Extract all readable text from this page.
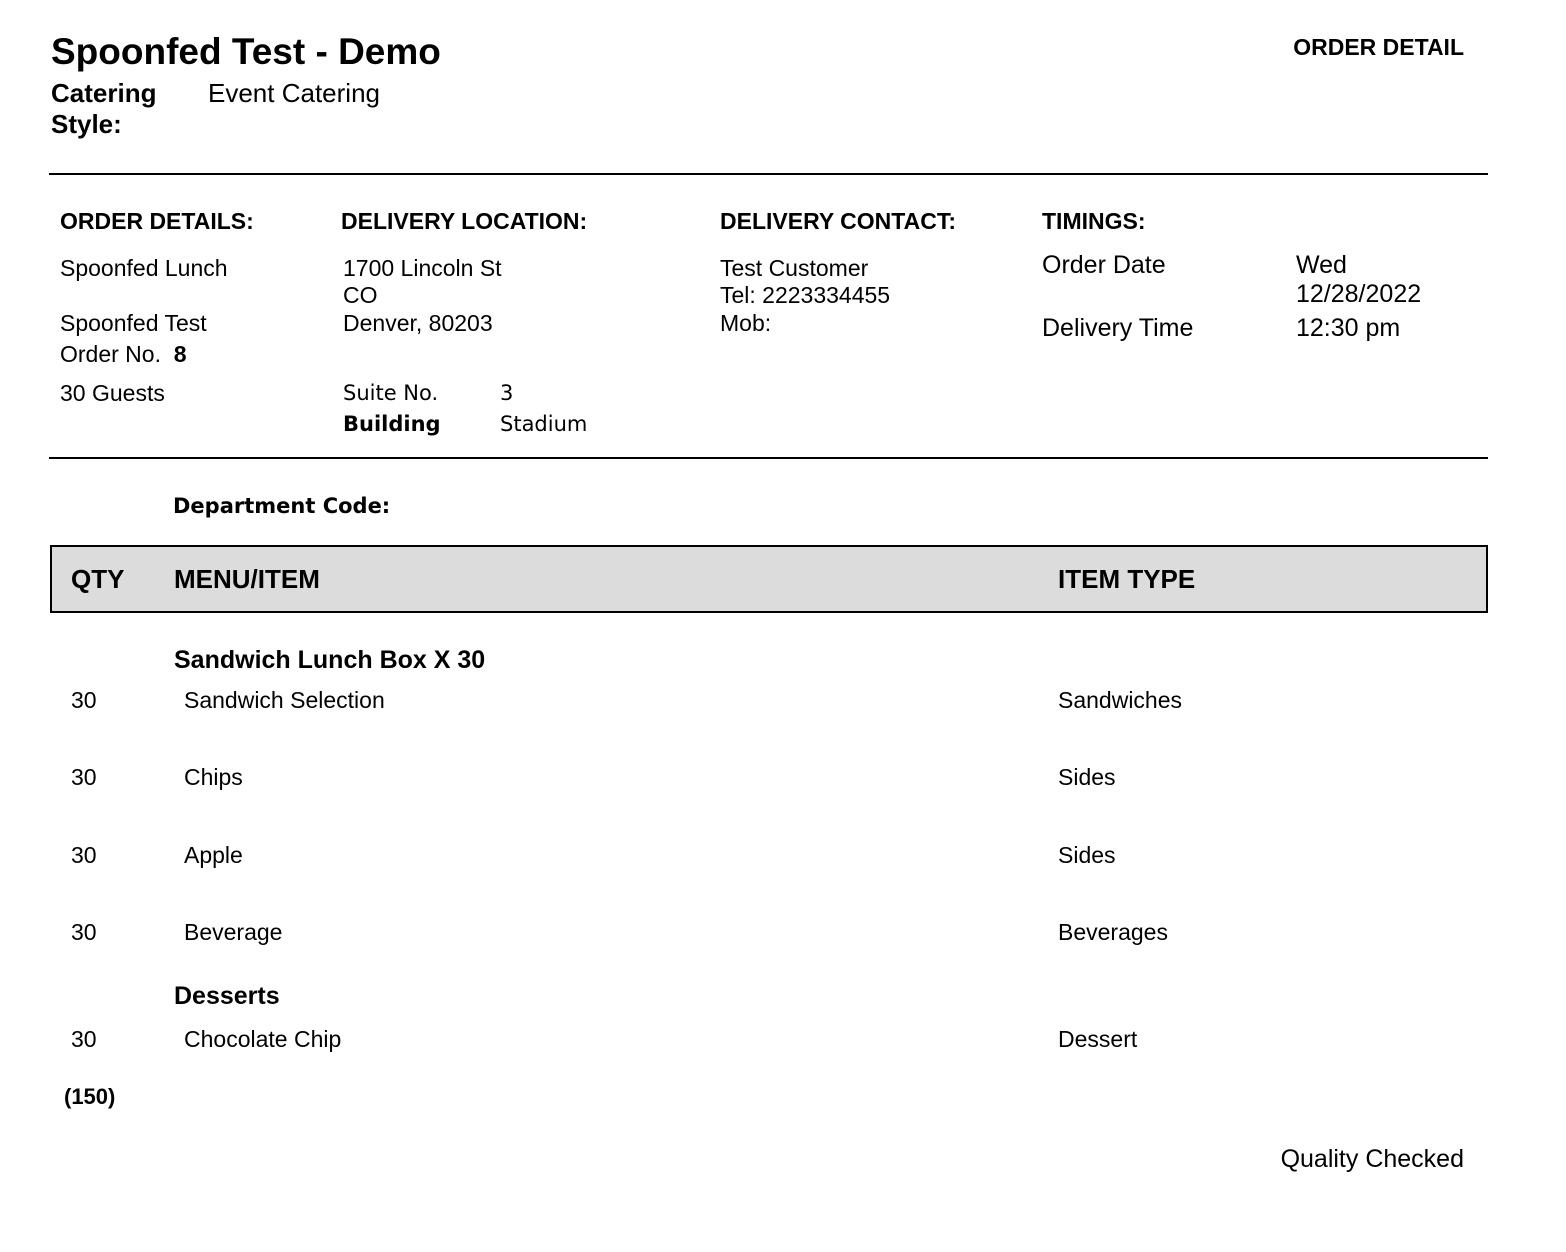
Spoonfed Test - Demo	ORDER DETAIL
Catering Style:
Event Catering
ORDER DETAILS:
Spoonfed Lunch
Spoonfed Test
Order No. 8
30 Guests
DELIVERY LOCATION:
1700 Lincoln St
CO
Denver, 80203
Suite No.	3
Building	Stadium
DELIVERY CONTACT:
Test Customer
Tel: 2223334455
Mob:
TIMINGS:
Order Date	Wed
12/28/2022
Delivery Time	12:30 pm
Department Code:
QTY MENU/ITEM	ITEM TYPE
Sandwich Lunch Box X 30
30	Sandwich Selection	Sandwiches
30	Chips	Sides
30	Apple	Sides
30	Beverage	Beverages
Desserts
30	Chocolate Chip	Dessert
(150)
Quality Checked
